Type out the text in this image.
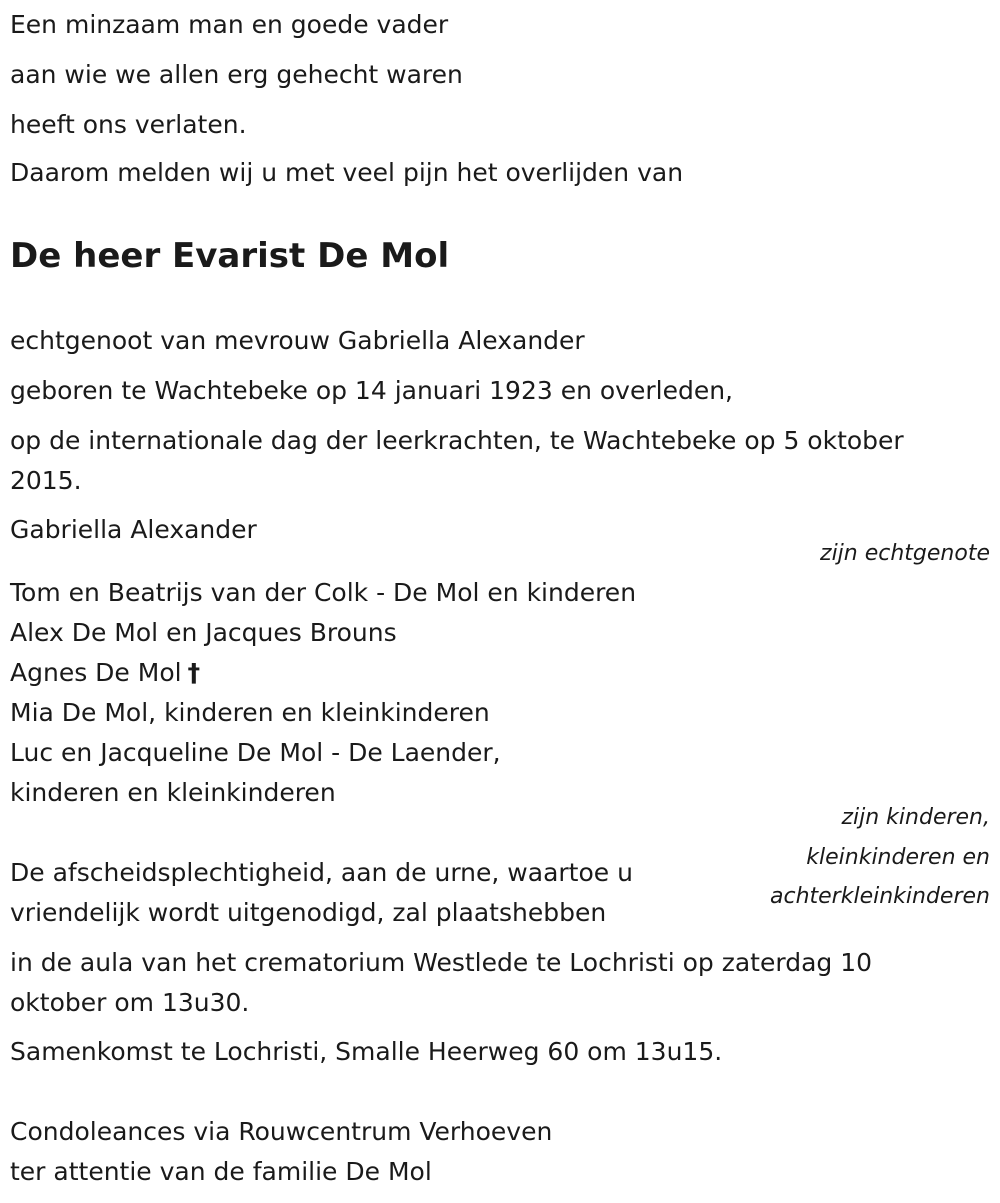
Een minzaam man en goede vader
aan wie we allen erg gehecht waren
heeft ons verlaten.
Daarom melden wij u met veel pijn het overlijden van
De heer Evarist De Mol
echtgenoot van mevrouw Gabriella Alexander
geboren te Wachtebeke op 14 januari 1923 en overleden,
op de internationale dag der leerkrachten, te Wachtebeke op 5 oktober
2015.
Gabriella Alexander
zijn echtgenote
Tom en Beatrijs van der Colk - De Mol en kinderen
Alex De Mol en Jacques Brouns
Agnes De Mol †
Mia De Mol, kinderen en kleinkinderen
Luc en Jacqueline De Mol - De Laender,
kinderen en kleinkinderen
zijn kinderen,
kleinkinderen en
achterkleinkinderen
De afscheidsplechtigheid, aan de urne, waartoe u
vriendelijk wordt uitgenodigd, zal plaatshebben
in de aula van het crematorium Westlede te Lochristi op zaterdag 10
oktober om 13u30.
Samenkomst te Lochristi, Smalle Heerweg 60 om 13u15.
Condoleances via Rouwcentrum Verhoeven
ter attentie van de familie De Mol
